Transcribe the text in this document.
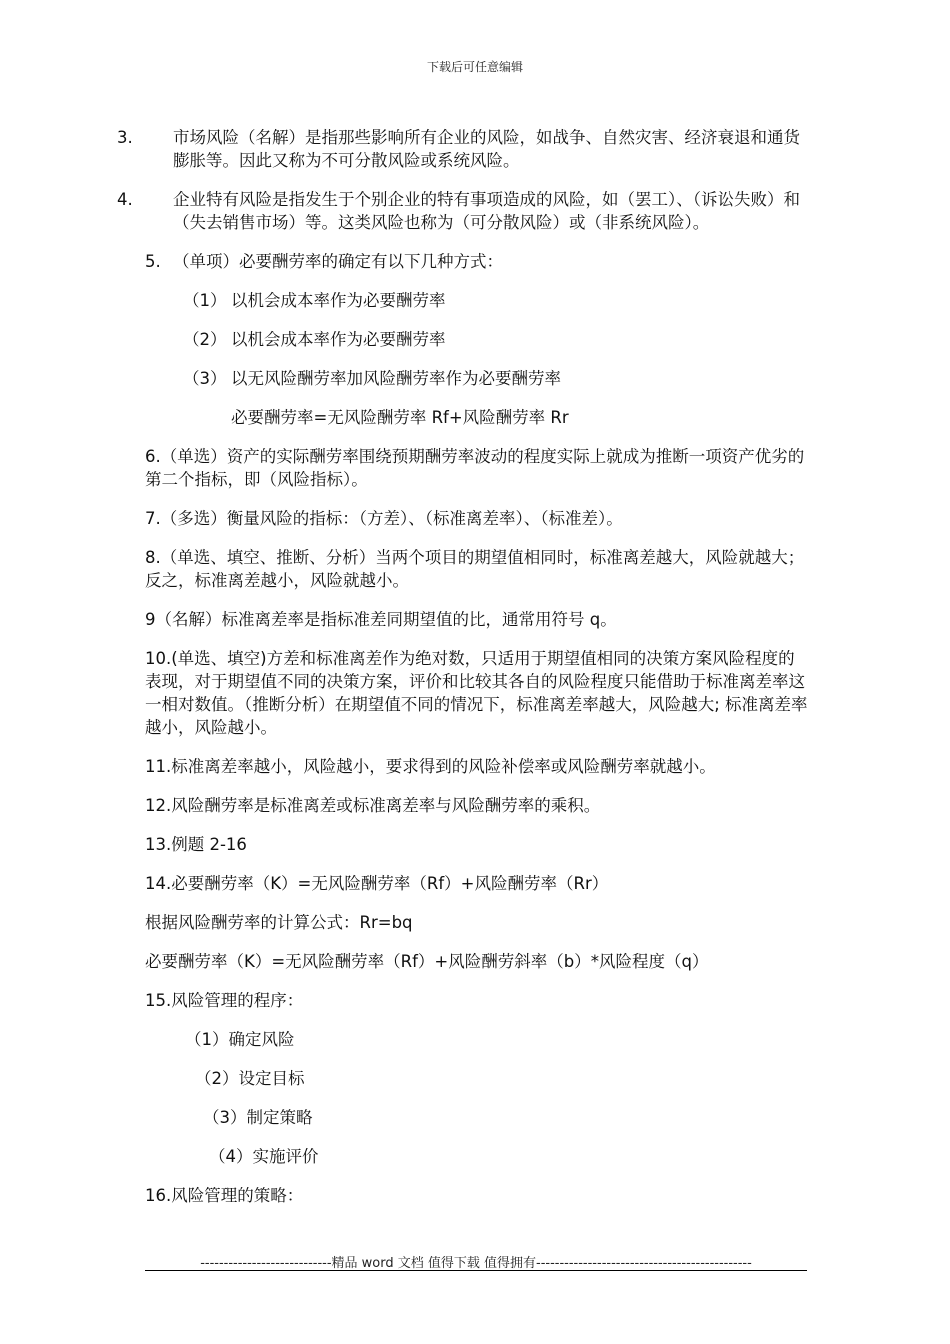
下载后可任意编辑

3. 市场风险（名解）是指那些影响所有企业的风险，如战争、自然灾害、经济衰退和通货膨胀等。因此又称为不可分散风险或系统风险。

4. 企业特有风险是指发生于个别企业的特有事项造成的风险，如（罢工）、（诉讼失败）和（失去销售市场）等。这类风险也称为（可分散风险）或（非系统风险）。

5. （单项）必要酬劳率的确定有以下几种方式：

（1） 以机会成本率作为必要酬劳率

（2） 以机会成本率作为必要酬劳率

（3） 以无风险酬劳率加风险酬劳率作为必要酬劳率

必要酬劳率=无风险酬劳率 Rf+风险酬劳率 Rr

6.（单选）资产的实际酬劳率围绕预期酬劳率波动的程度实际上就成为推断一项资产优劣的第二个指标，即（风险指标）。

7.（多选）衡量风险的指标：（方差）、（标准离差率）、（标准差）。

8.（单选、填空、推断、分析）当两个项目的期望值相同时，标准离差越大，风险就越大；反之，标准离差越小，风险就越小。

9（名解）标准离差率是指标准差同期望值的比，通常用符号 q。

10.(单选、填空)方差和标准离差作为绝对数，只适用于期望值相同的决策方案风险程度的表现，对于期望值不同的决策方案，评价和比较其各自的风险程度只能借助于标准离差率这一相对数值。（推断分析）在期望值不同的情况下，标准离差率越大，风险越大; 标准离差率越小，风险越小。

11.标准离差率越小，风险越小，要求得到的风险补偿率或风险酬劳率就越小。

12.风险酬劳率是标准离差或标准离差率与风险酬劳率的乘积。

13.例题 2-16

14.必要酬劳率（K）=无风险酬劳率（Rf）+风险酬劳率（Rr）

根据风险酬劳率的计算公式：Rr=bq

必要酬劳率（K）=无风险酬劳率（Rf）+风险酬劳斜率（b）*风险程度（q）

15.风险管理的程序：

（1）确定风险

（2）设定目标

（3）制定策略

（4）实施评价

16.风险管理的策略：

----------------------------精品 word 文档 值得下载 值得拥有----------------------------------------------
